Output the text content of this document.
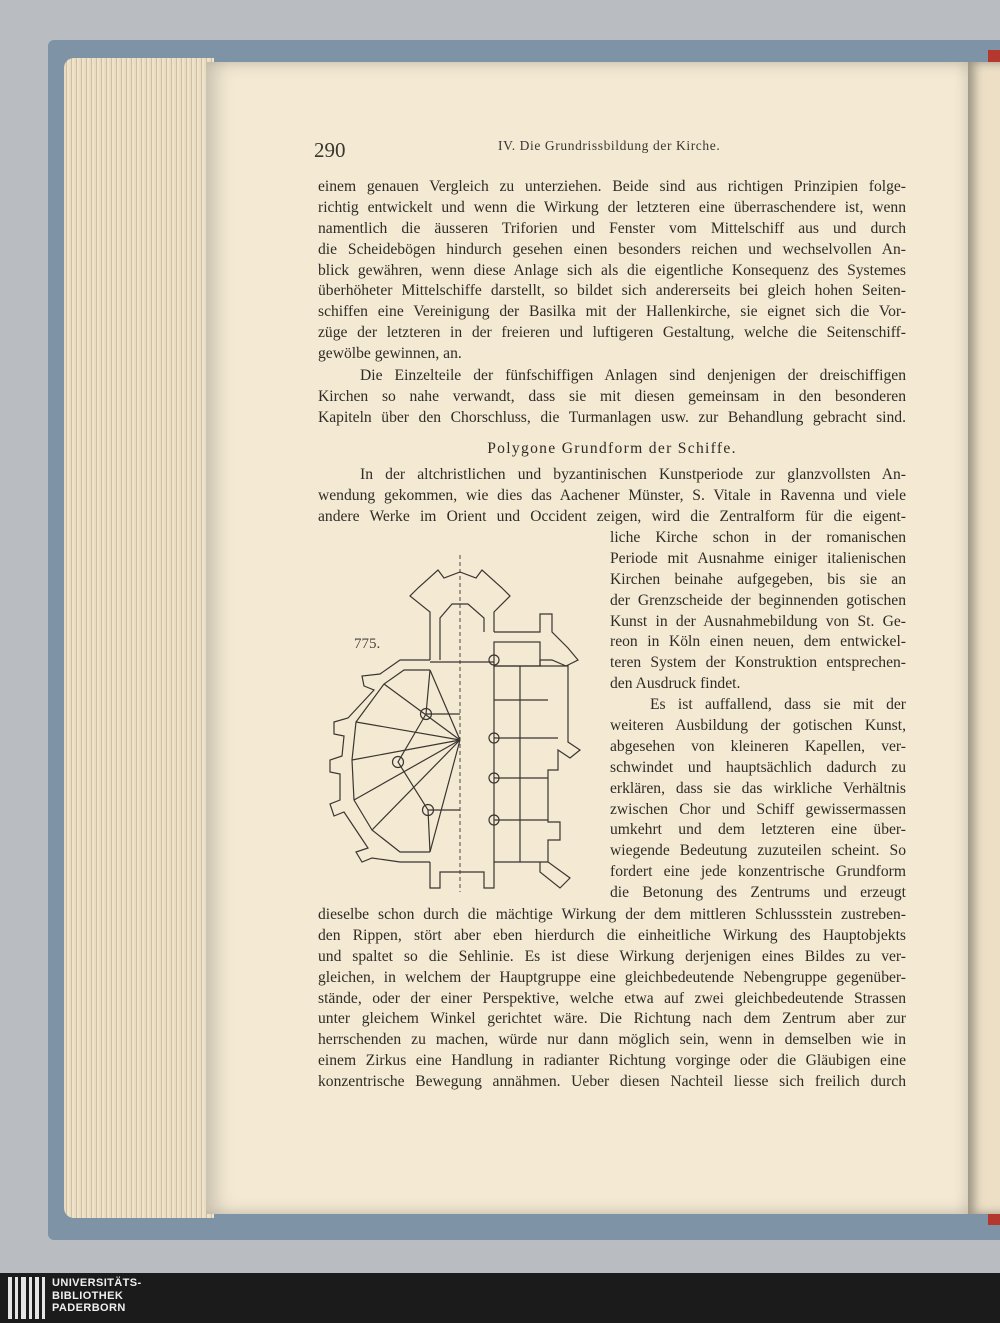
290	IV. Die Grundrissbildung der Kirche.
einem genauen Vergleich zu unterziehen. Beide sind aus richtigen Prinzipien folge-
richtig entwickelt und wenn die Wirkung der letzteren eine überraschendere ist, wenn
namentlich die äusseren Triforien und Fenster vom Mittelschiff aus und durch
die Scheidebögen hindurch gesehen einen besonders reichen und wechselvollen An-
blick gewähren, wenn diese Anlage sich als die eigentliche Konsequenz des Systemes
überhöheter Mittelschiffe darstellt, so bildet sich andererseits bei gleich hohen Seiten-
schiffen eine Vereinigung der Basilka mit der Hallenkirche, sie eignet sich die Vor-
züge der letzteren in der freieren und luftigeren Gestaltung, welche die Seitenschiff-
gewölbe gewinnen, an.
Die Einzelteile der fünfschiffigen Anlagen sind denjenigen der dreischiffigen
Kirchen so nahe verwandt, dass sie mit diesen gemeinsam in den besonderen
Kapiteln über den Chorschluss, die Turmanlagen usw. zur Behandlung gebracht sind.
Polygone Grundform der Schiffe.
In der altchristlichen und byzantinischen Kunstperiode zur glanzvollsten An-
wendung gekommen, wie dies das Aachener Münster, S. Vitale in Ravenna und viele
andere Werke im Orient und Occident zeigen, wird die Zentralform für die eigent-
liche Kirche schon in der romanischen
Periode mit Ausnahme einiger italienischen
Kirchen beinahe aufgegeben, bis sie an
der Grenzscheide der beginnenden gotischen
Kunst in der Ausnahmebildung von St. Ge-
reon in Köln einen neuen, dem entwickel-
teren System der Konstruktion entsprechen-
den Ausdruck findet.
Es ist auffallend, dass sie mit der
weiteren Ausbildung der gotischen Kunst,
abgesehen von kleineren Kapellen, ver-
schwindet und hauptsächlich dadurch zu
erklären, dass sie das wirkliche Verhältnis
zwischen Chor und Schiff gewissermassen
umkehrt und dem letzteren eine über-
wiegende Bedeutung zuzuteilen scheint. So
fordert eine jede konzentrische Grundform
die Betonung des Zentrums und erzeugt
dieselbe schon durch die mächtige Wirkung der dem mittleren Schlussstein zustreben-
den Rippen, stört aber eben hierdurch die einheitliche Wirkung des Hauptobjekts
und spaltet so die Sehlinie. Es ist diese Wirkung derjenigen eines Bildes zu ver-
gleichen, in welchem der Hauptgruppe eine gleichbedeutende Nebengruppe gegenüber-
stände, oder der einer Perspektive, welche etwa auf zwei gleichbedeutende Strassen
unter gleichem Winkel gerichtet wäre. Die Richtung nach dem Zentrum aber zur
herrschenden zu machen, würde nur dann möglich sein, wenn in demselben wie in
einem Zirkus eine Handlung in radianter Richtung vorginge oder die Gläubigen eine
konzentrische Bewegung annähmen. Ueber diesen Nachteil liesse sich freilich durch
775.
UNIVERSITÄTS-
BIBLIOTHEK
PADERBORN
